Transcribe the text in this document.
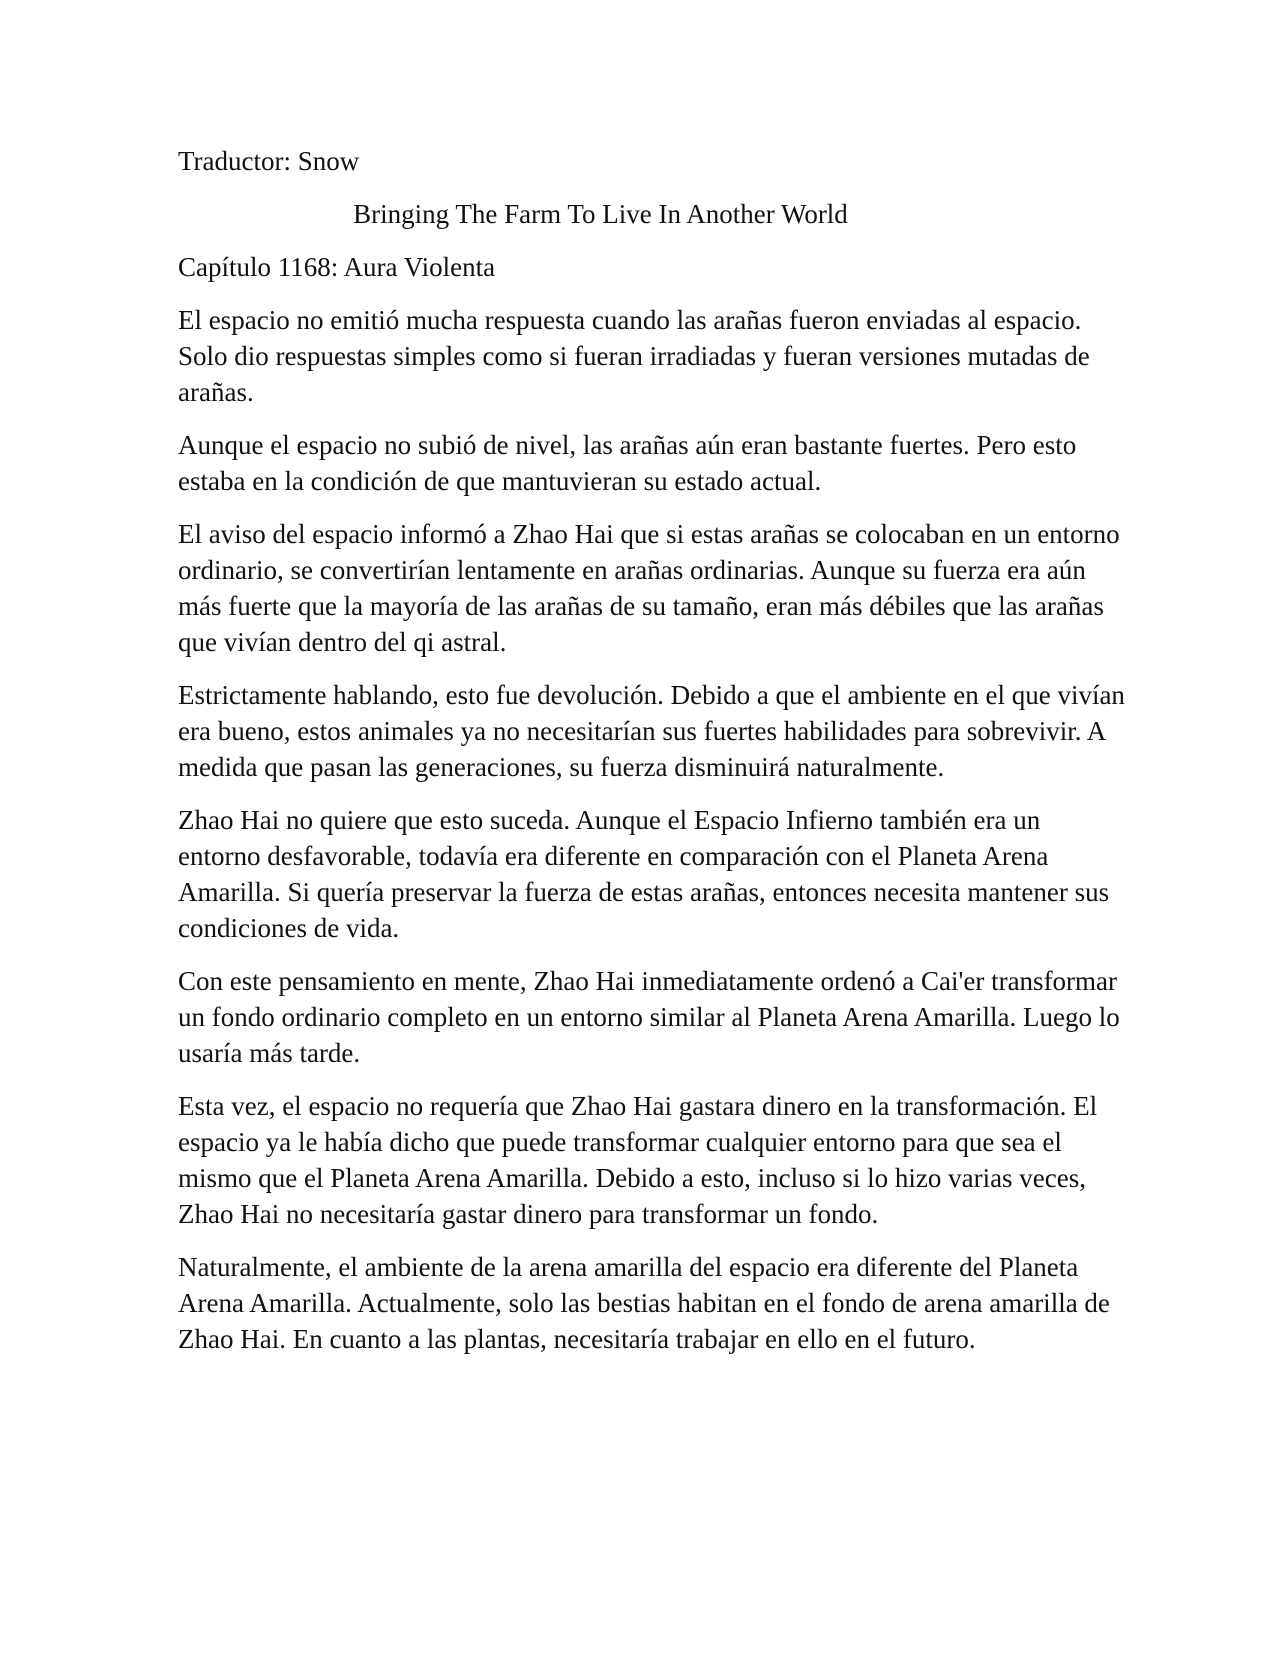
Traductor: Snow
Bringing The Farm To Live In Another World
Capítulo 1168: Aura Violenta

El espacio no emitió mucha respuesta cuando las arañas fueron enviadas al espacio. Solo dio respuestas simples como si fueran irradiadas y fueran versiones mutadas de arañas.

Aunque el espacio no subió de nivel, las arañas aún eran bastante fuertes. Pero esto estaba en la condición de que mantuvieran su estado actual.

El aviso del espacio informó a Zhao Hai que si estas arañas se colocaban en un entorno ordinario, se convertirían lentamente en arañas ordinarias. Aunque su fuerza era aún más fuerte que la mayoría de las arañas de su tamaño, eran más débiles que las arañas que vivían dentro del qi astral.

Estrictamente hablando, esto fue devolución. Debido a que el ambiente en el que vivían era bueno, estos animales ya no necesitarían sus fuertes habilidades para sobrevivir. A medida que pasan las generaciones, su fuerza disminuirá naturalmente.

Zhao Hai no quiere que esto suceda. Aunque el Espacio Infierno también era un entorno desfavorable, todavía era diferente en comparación con el Planeta Arena Amarilla. Si quería preservar la fuerza de estas arañas, entonces necesita mantener sus condiciones de vida.

Con este pensamiento en mente, Zhao Hai inmediatamente ordenó a Cai'er transformar un fondo ordinario completo en un entorno similar al Planeta Arena Amarilla. Luego lo usaría más tarde.

Esta vez, el espacio no requería que Zhao Hai gastara dinero en la transformación. El espacio ya le había dicho que puede transformar cualquier entorno para que sea el mismo que el Planeta Arena Amarilla. Debido a esto, incluso si lo hizo varias veces, Zhao Hai no necesitaría gastar dinero para transformar un fondo.

Naturalmente, el ambiente de la arena amarilla del espacio era diferente del Planeta Arena Amarilla. Actualmente, solo las bestias habitan en el fondo de arena amarilla de Zhao Hai. En cuanto a las plantas, necesitaría trabajar en ello en el futuro.
